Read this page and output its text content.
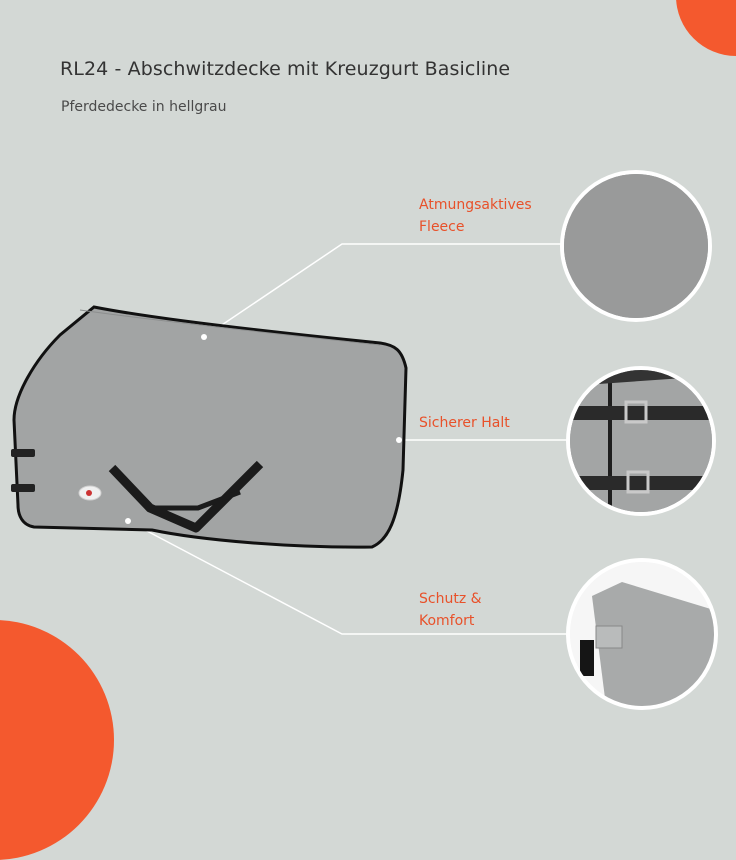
RL24 - Abschwitzdecke mit Kreuzgurt Basicline
Pferdedecke in hellgrau
Atmungsaktives
Fleece
Sicherer Halt
Schutz &
Komfort
